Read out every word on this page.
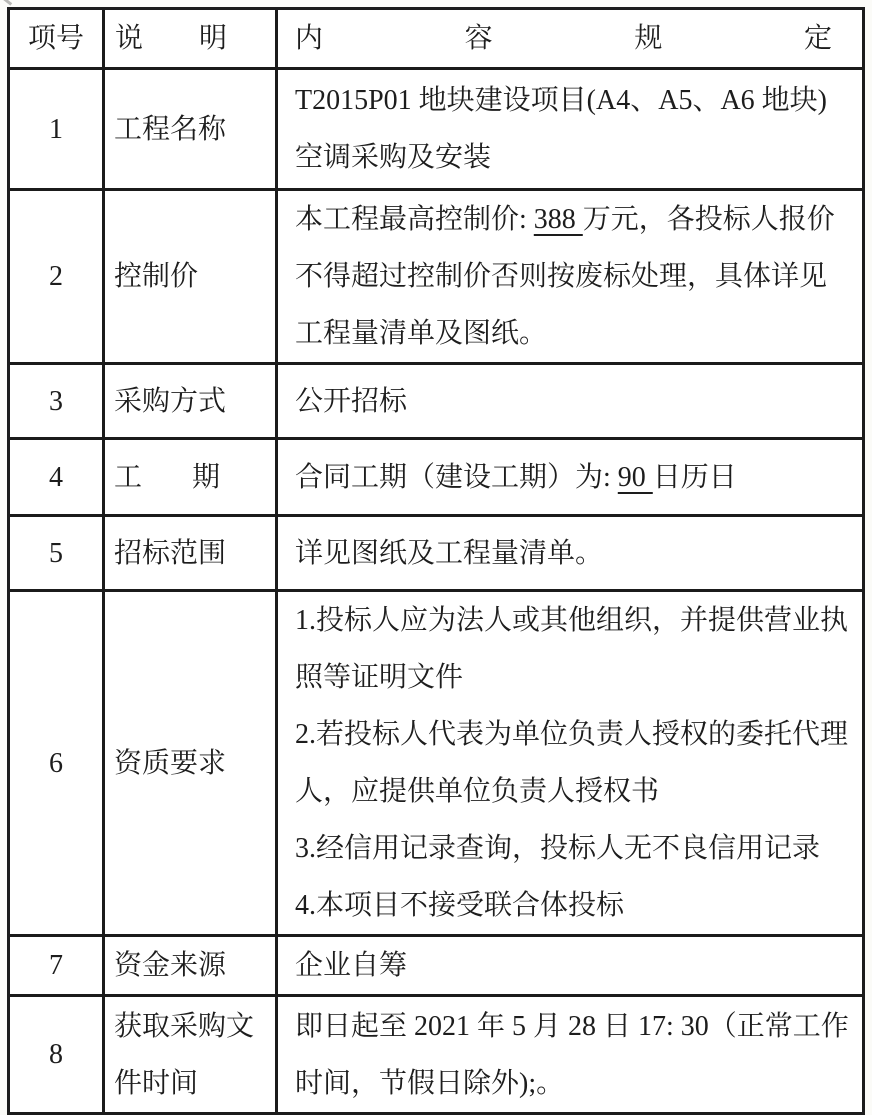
项号	说 明	内 容 规 定
1	工程名称	T2015P01 地块建设项目(A4、A5、A6 地块)空调采购及安装
2	控制价	本工程最高控制价: 388 万元，各投标人报价不得超过控制价否则按废标处理，具体详见工程量清单及图纸。
3	采购方式	公开招标
4	工 期	合同工期（建设工期）为: 90 日历日
5	招标范围	详见图纸及工程量清单。
6	资质要求	1.投标人应为法人或其他组织，并提供营业执照等证明文件
2.若投标人代表为单位负责人授权的委托代理人，应提供单位负责人授权书
3.经信用记录查询，投标人无不良信用记录
4.本项目不接受联合体投标

7	资金来源	企业自筹
8	获取采购文件时间	即日起至 2021 年 5 月 28 日 17: 30（正常工作时间，节假日除外);。
